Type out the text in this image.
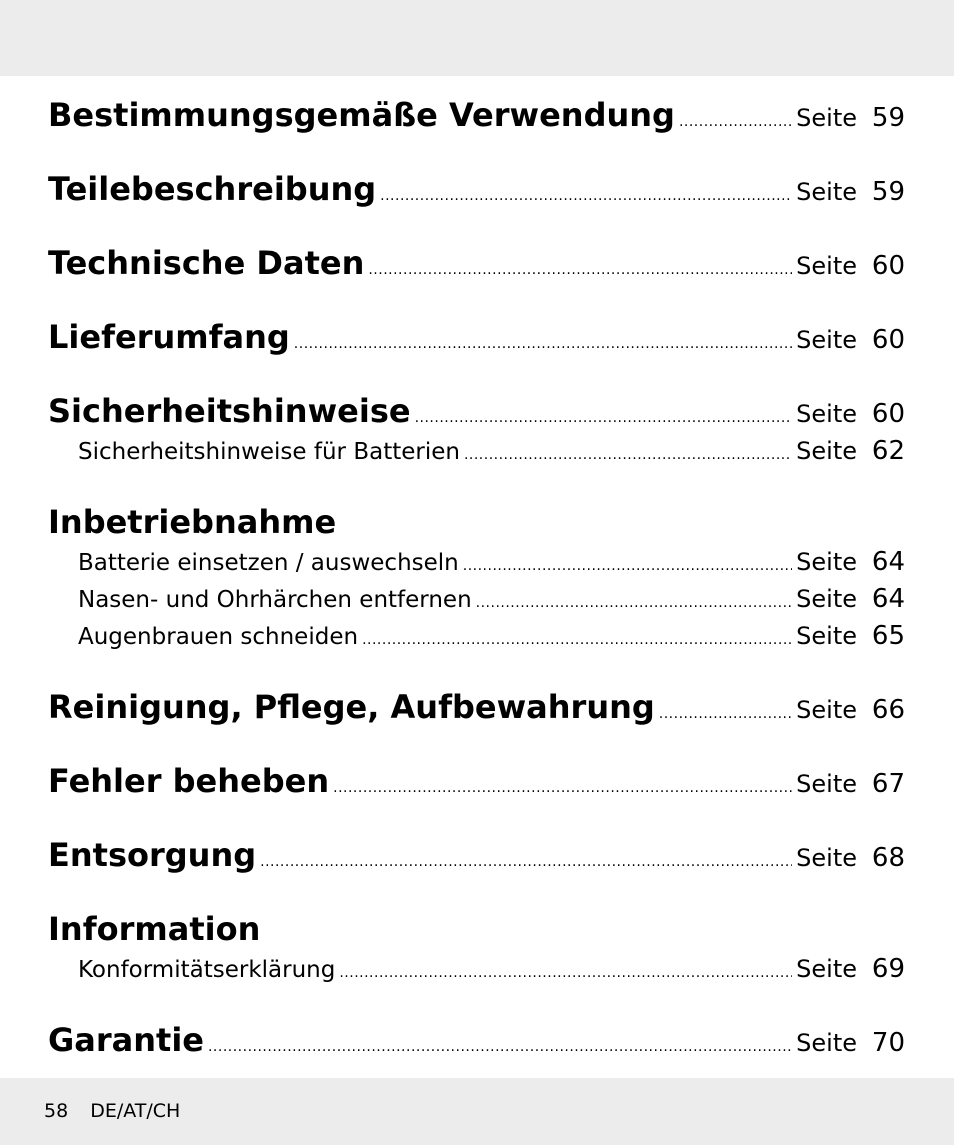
Bestimmungsgemäße Verwendung .....	Seite 59
Teilebeschreibung .....	Seite 59
Technische Daten .....	Seite 60
Lieferumfang .....	Seite 60
Sicherheitshinweise .....	Seite 60
Sicherheitshinweise für Batterien .....	Seite 62
Inbetriebnahme
Batterie einsetzen / auswechseln .....	Seite 64
Nasen- und Ohrhärchen entfernen .....	Seite 64
Augenbrauen schneiden .....	Seite 65
Reinigung, Pflege, Aufbewahrung .....	Seite 66
Fehler beheben .....	Seite 67
Entsorgung .....	Seite 68
Information
Konformitätserklärung .....	Seite 69
Garantie .....	Seite 70
58 DE/AT/CH
